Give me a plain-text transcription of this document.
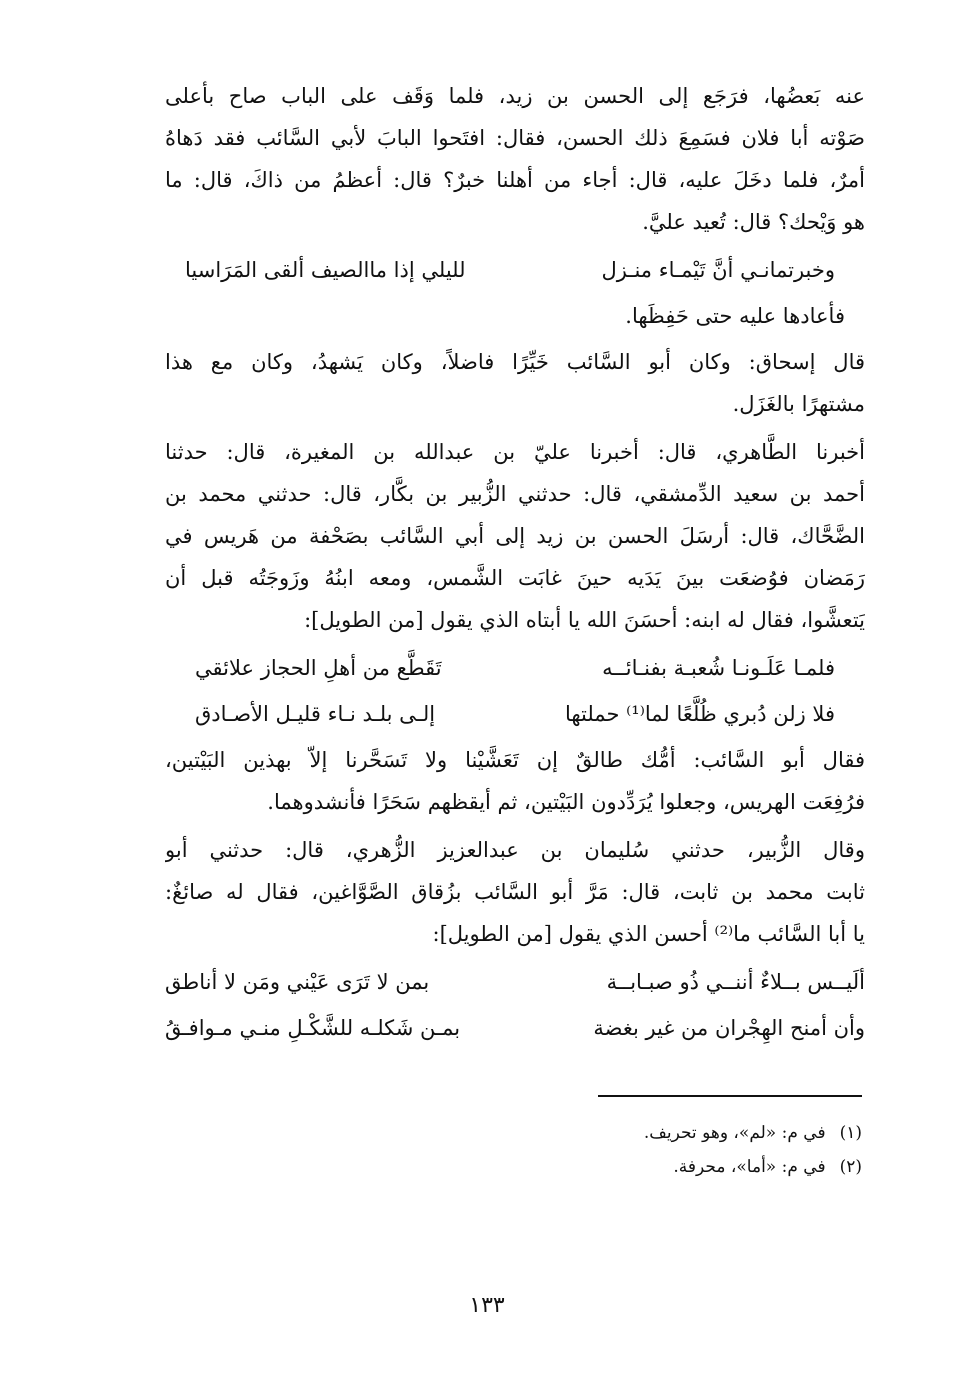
عنه بَعضُها، فرَجَع إلى الحسن بن زيد، فلما وَقَف على الباب صاح بأعلى
صَوْته أبا فلان فسَمِعَ ذلك الحسن، فقال: افتَحوا البابَ لأبي السَّائب فقد دَهاهُ
أمرٌ، فلما دخَلَ عليه، قال: أجاء من أهلنا خبرٌ؟ قال: أعظمُ من ذاكَ، قال: ما
هو وَيْحك؟ قال: تُعيد عليَّ.
وخبرتمانـي أنَّ تَيْمـاء منـزل
لليلي إذا ماالصيف ألقى المَرَاسيا
فأعادها عليه حتى حَفِظَها.
قال إسحاق: وكان أبو السَّائب خَيِّرًا فاضلاً، وكان يَشهدُ، وكان مع هذا
مشتهرًا بالغَزَل.
أخبرنا الطَّاهري، قال: أخبرنا عليّ بن عبدالله بن المغيرة، قال: حدثنا
أحمد بن سعيد الدِّمشقي، قال: حدثني الزُّبير بن بكَّار، قال: حدثني محمد بن
الضَّحَّاك، قال: أرسَلَ الحسن بن زيد إلى أبي السَّائب بصَحْفة من هَريس في
رَمَضان فوُضعَت بينَ يَدَيه حينَ غابَت الشَّمس، ومعه ابنُهُ وزَوجَتُه قبل أن
يَتعشَّوا، فقال له ابنه: أحسَنَ الله يا أبتاه الذي يقول [من الطويل]:
فلمـا عَلَـونـا شُعبـة بفنـائــه
تَقَطَّع من أهلِ الحجاز علائقي
فلا زلن دُبري ظُلَّعًا لما⁽¹⁾ حملتها
إلـى بلـد نـاء قليـل الأصـادق
فقال أبو السَّائب: أمُّك طالقٌ إن تَعَشَّيْنا ولا تَسَحَّرنا إلاّ بهذين البَيْتين،
فرُفِعَت الهريس، وجعلوا يُرَدِّدون البَيْتين، ثم أيقظهم سَحَرًا فأنشدوهما.
وقال الزُّبير، حدثني سُليمان بن عبدالعزيز الزُّهري، قال: حدثني أبو
ثابت محمد بن ثابت، قال: مَرَّ أبو السَّائب بزُقاق الصَّوَّاغين، فقال له صائغٌ:
يا أبا السَّائب ما⁽²⁾ أحسن الذي يقول [من الطويل]:
ألَيــس بــلاءٌ أننــي ذُو صبـابــة
بمن لا تَرَى عَيْني ومَن لا أناطق
وأن أمنح الهِجْران من غير بغضة
بمـن شَكلـه للشَّكْـلِ منـي مـوافـقُ
(١)في م: «لم»، وهو تحريف.
(٢)في م: «أما»، محرفة.
١٣٣
